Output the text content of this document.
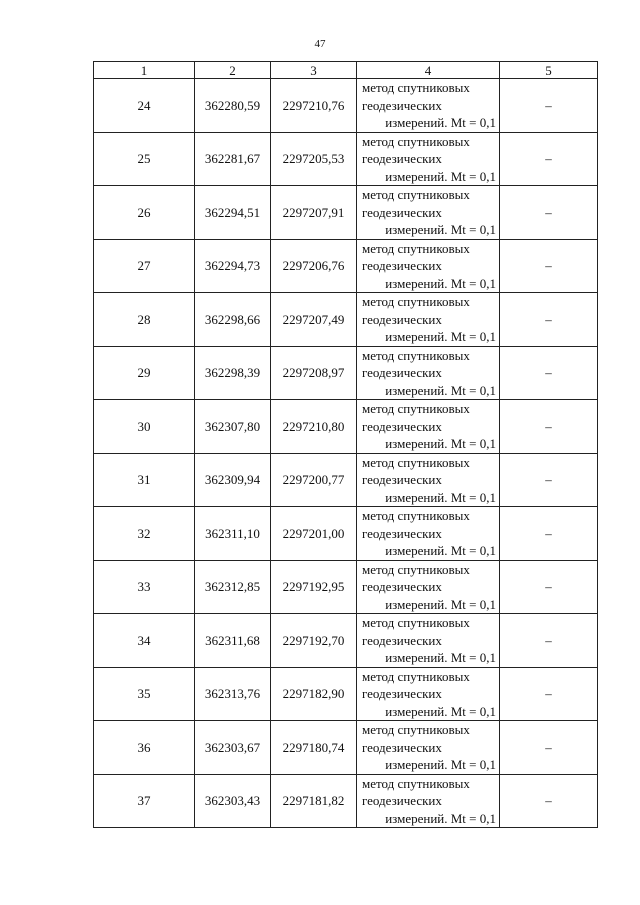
47
1	2	3	4	5
24	362280,59	2297210,76	метод спутниковых
геодезических
измерений. Mt = 0,1	–
25	362281,67	2297205,53	метод спутниковых
геодезических
измерений. Mt = 0,1	–
26	362294,51	2297207,91	метод спутниковых
геодезических
измерений. Mt = 0,1	–
27	362294,73	2297206,76	метод спутниковых
геодезических
измерений. Mt = 0,1	–
28	362298,66	2297207,49	метод спутниковых
геодезических
измерений. Mt = 0,1	–
29	362298,39	2297208,97	метод спутниковых
геодезических
измерений. Mt = 0,1	–
30	362307,80	2297210,80	метод спутниковых
геодезических
измерений. Mt = 0,1	–
31	362309,94	2297200,77	метод спутниковых
геодезических
измерений. Mt = 0,1	–
32	362311,10	2297201,00	метод спутниковых
геодезических
измерений. Mt = 0,1	–
33	362312,85	2297192,95	метод спутниковых
геодезических
измерений. Mt = 0,1	–
34	362311,68	2297192,70	метод спутниковых
геодезических
измерений. Mt = 0,1	–
35	362313,76	2297182,90	метод спутниковых
геодезических
измерений. Mt = 0,1	–
36	362303,67	2297180,74	метод спутниковых
геодезических
измерений. Mt = 0,1	–
37	362303,43	2297181,82	метод спутниковых
геодезических
измерений. Mt = 0,1	–
